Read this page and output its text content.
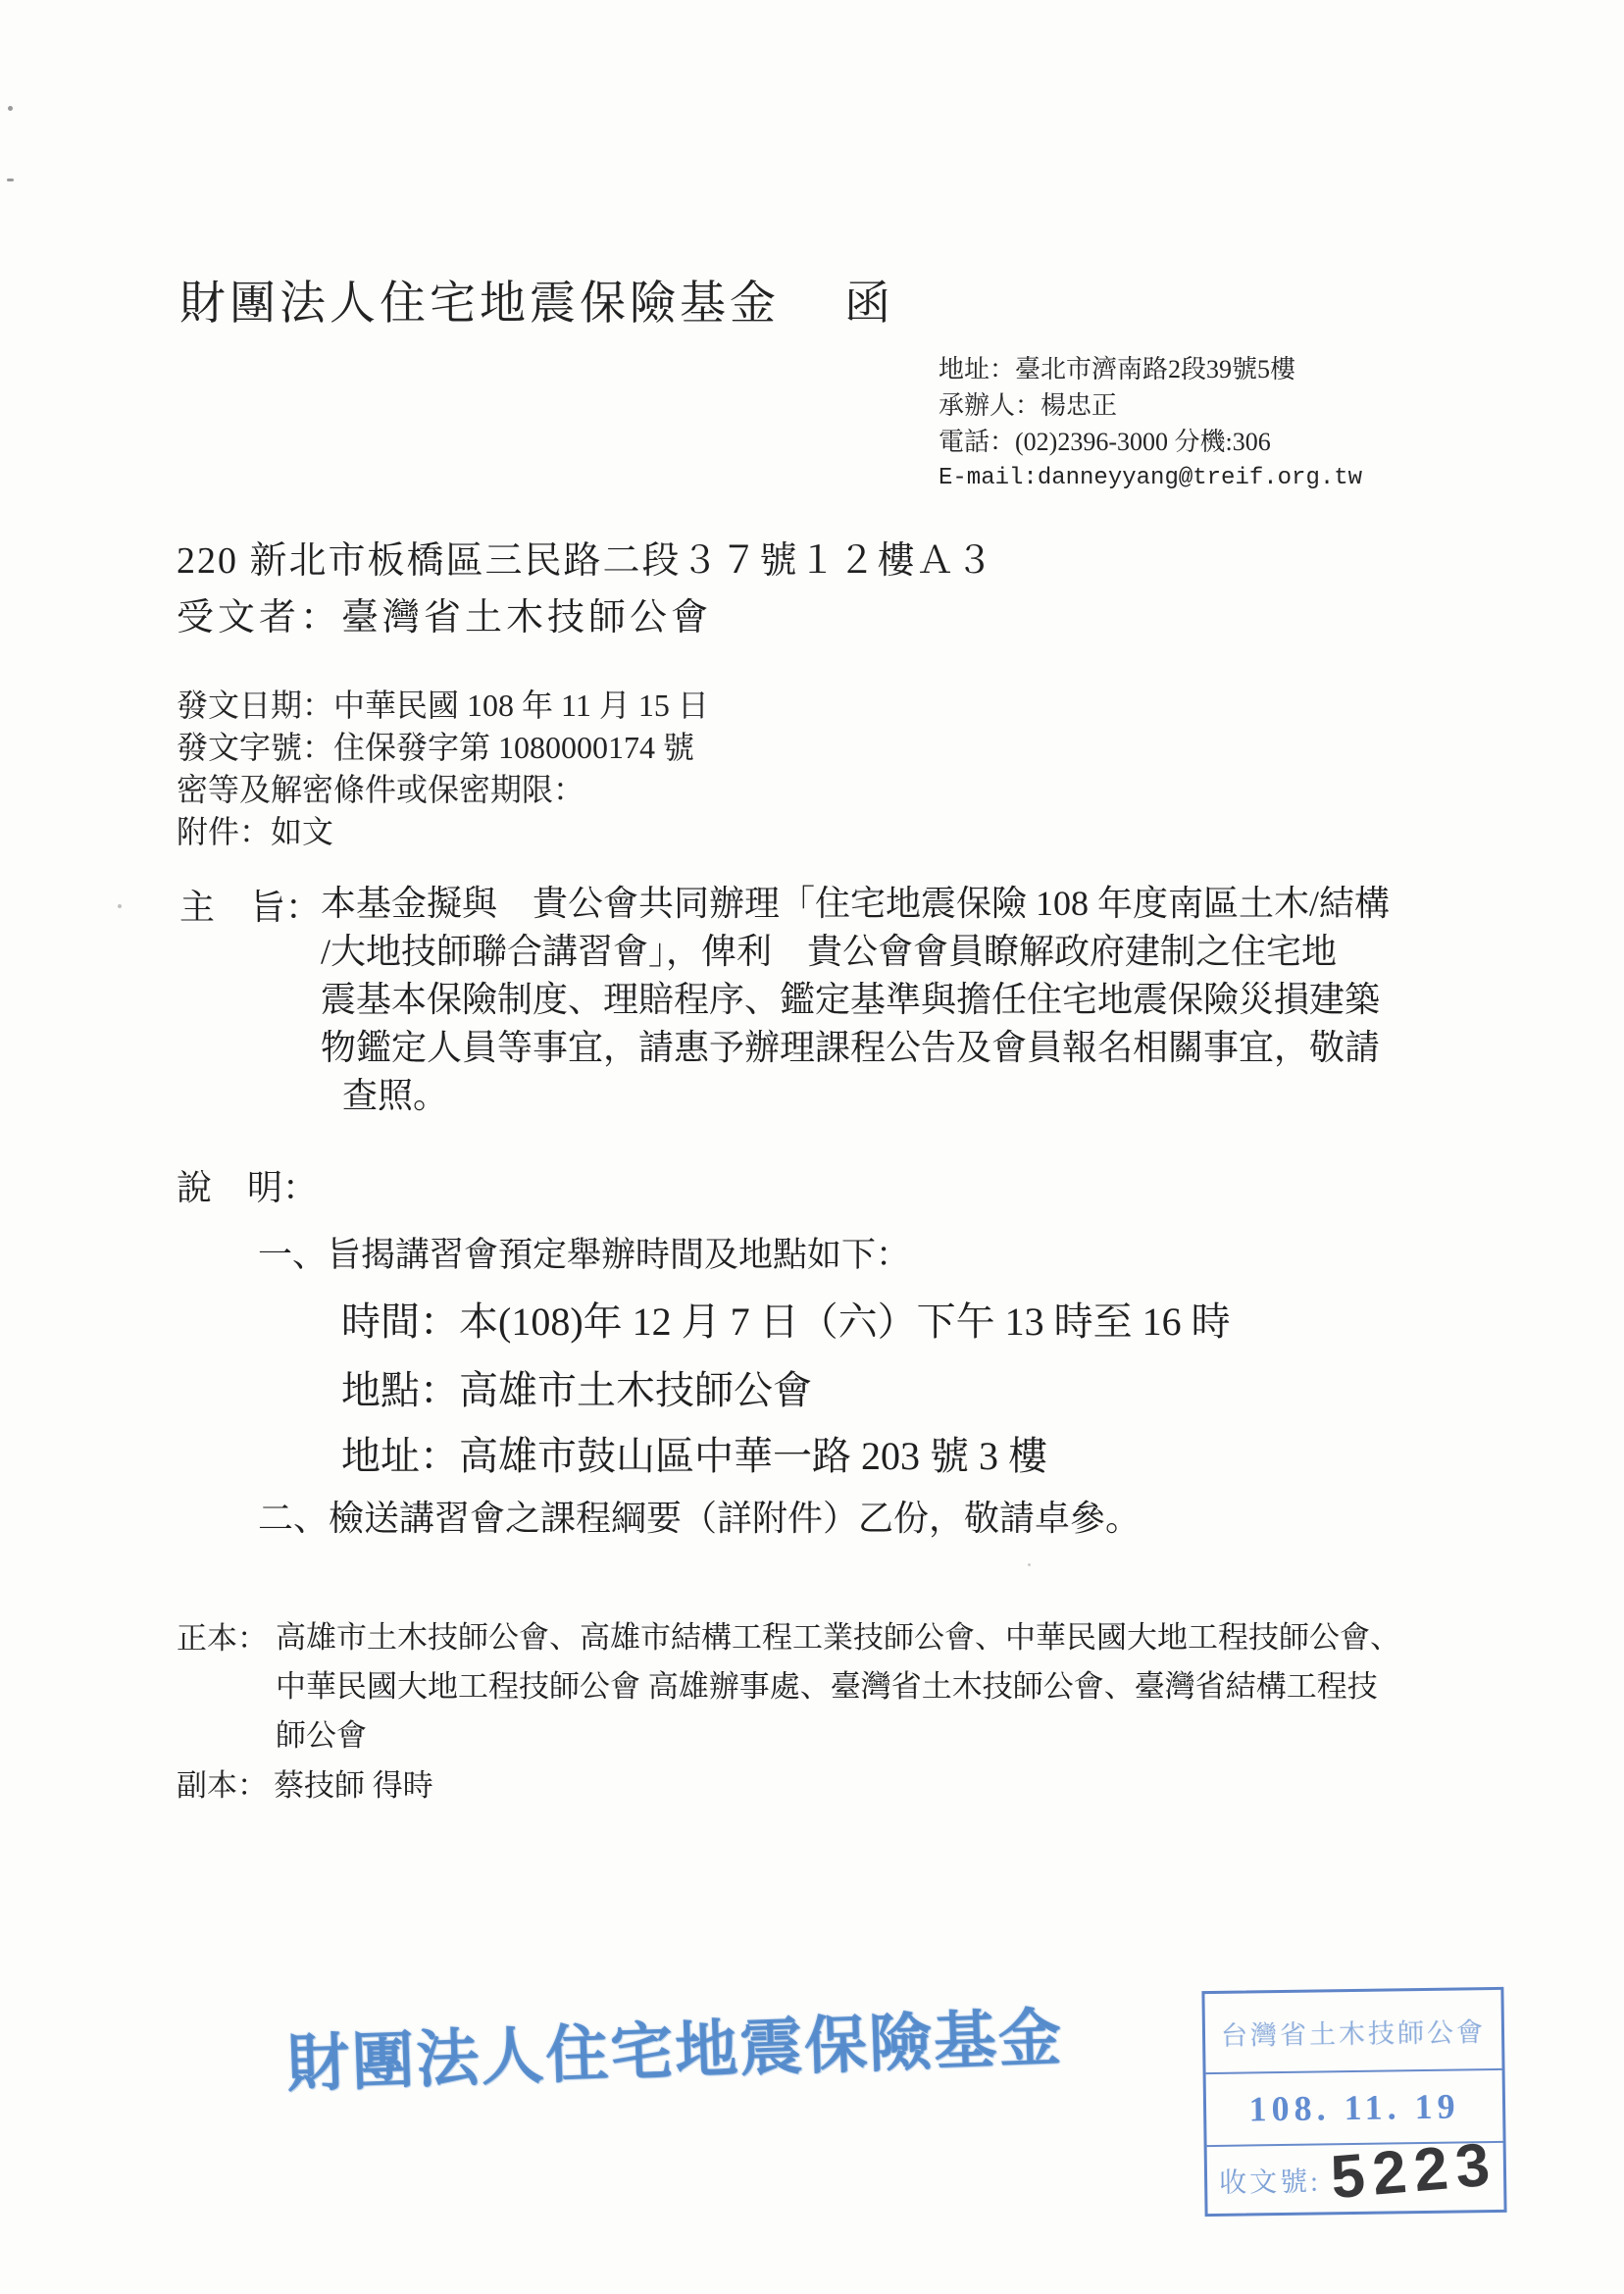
財團法人住宅地震保險基金 函
地址：臺北市濟南路2段39號5樓
承辦人：楊忠正
電話：(02)2396-3000 分機:306
E-mail:danneyyang@treif.org.tw
220 新北市板橋區三民路二段３７號１２樓Ａ３
受文者：臺灣省土木技師公會
發文日期：中華民國 108 年 11 月 15 日
發文字號：住保發字第 1080000174 號
密等及解密條件或保密期限：
附件：如文
主　旨： 本基金擬與　貴公會共同辦理「住宅地震保險 108 年度南區土木/結構
/大地技師聯合講習會」，俾利　貴公會會員瞭解政府建制之住宅地
震基本保險制度、理賠程序、鑑定基準與擔任住宅地震保險災損建築
物鑑定人員等事宜，請惠予辦理課程公告及會員報名相關事宜，敬請
查照。
說　明：
一、旨揭講習會預定舉辦時間及地點如下：
時間：本(108)年 12 月 7 日（六）下午 13 時至 16 時
地點：高雄市土木技師公會
地址：高雄市鼓山區中華一路 203 號 3 樓
二、檢送講習會之課程綱要（詳附件）乙份，敬請卓參。
正本： 高雄市土木技師公會、高雄市結構工程工業技師公會、中華民國大地工程技師公會、
中華民國大地工程技師公會 高雄辦事處、臺灣省土木技師公會、臺灣省結構工程技
師公會
副本： 蔡技師 得時
財團法人住宅地震保險基金	台灣省土木技師公會
108. 11. 19
收文號: 5223
